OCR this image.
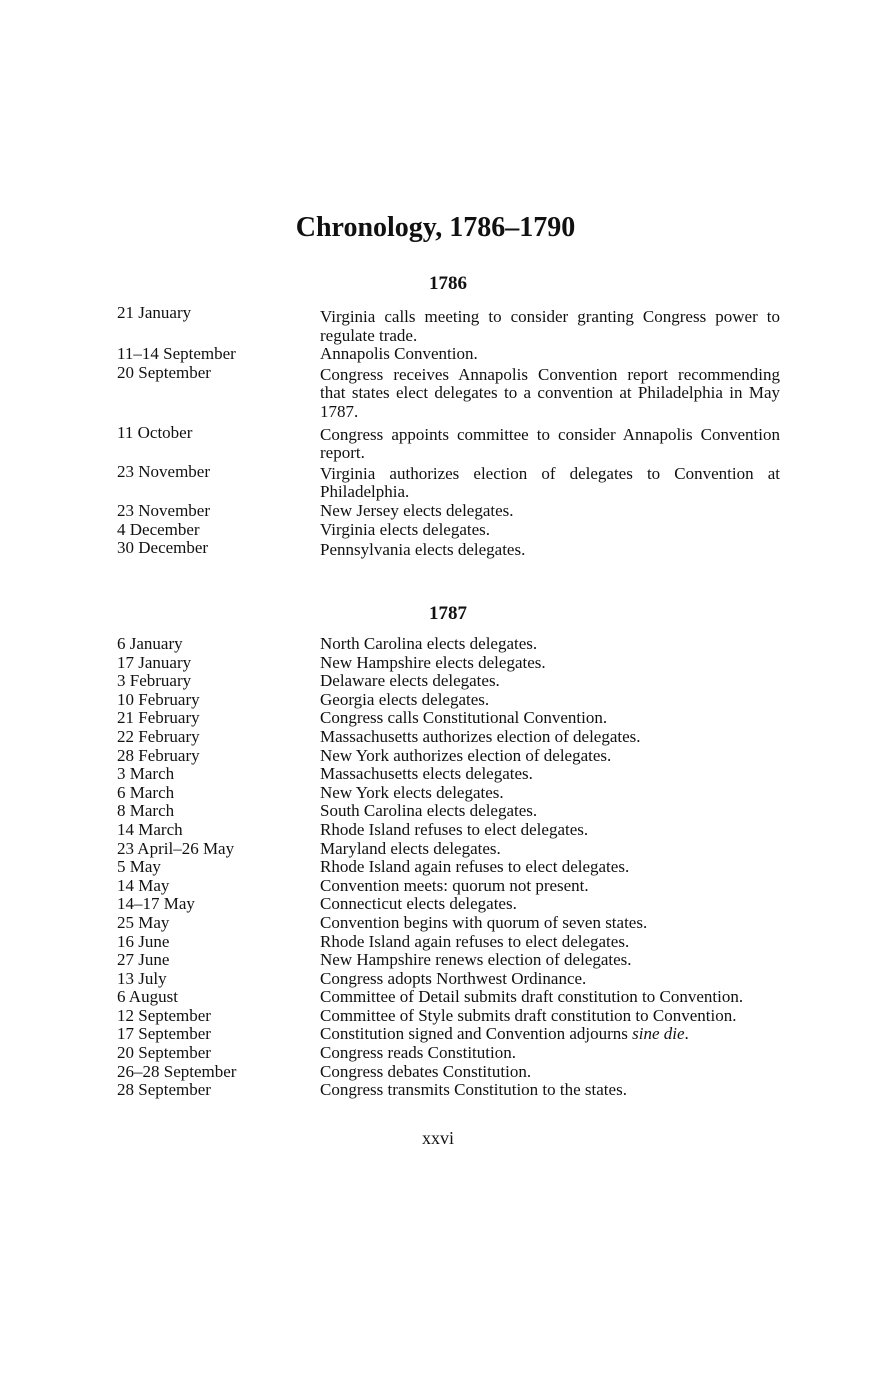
Chronology, 1786–1790
1786
21 January	Virginia calls meeting to consider granting Congress power to regulate trade.
11–14 September	Annapolis Convention.
20 September	Congress receives Annapolis Convention report recommending that states elect delegates to a convention at Philadelphia in May 1787.
11 October	Congress appoints committee to consider Annapolis Convention report.
23 November	Virginia authorizes election of delegates to Convention at Philadelphia.
23 November	New Jersey elects delegates.
4 December	Virginia elects delegates.
30 December	Pennsylvania elects delegates.
1787
6 January	North Carolina elects delegates.
17 January	New Hampshire elects delegates.
3 February	Delaware elects delegates.
10 February	Georgia elects delegates.
21 February	Congress calls Constitutional Convention.
22 February	Massachusetts authorizes election of delegates.
28 February	New York authorizes election of delegates.
3 March	Massachusetts elects delegates.
6 March	New York elects delegates.
8 March	South Carolina elects delegates.
14 March	Rhode Island refuses to elect delegates.
23 April–26 May	Maryland elects delegates.
5 May	Rhode Island again refuses to elect delegates.
14 May	Convention meets: quorum not present.
14–17 May	Connecticut elects delegates.
25 May	Convention begins with quorum of seven states.
16 June	Rhode Island again refuses to elect delegates.
27 June	New Hampshire renews election of delegates.
13 July	Congress adopts Northwest Ordinance.
6 August	Committee of Detail submits draft constitution to Convention.
12 September	Committee of Style submits draft constitution to Convention.
17 September	Constitution signed and Convention adjourns sine die.
20 September	Congress reads Constitution.
26–28 September	Congress debates Constitution.
28 September	Congress transmits Constitution to the states.
xxvi
